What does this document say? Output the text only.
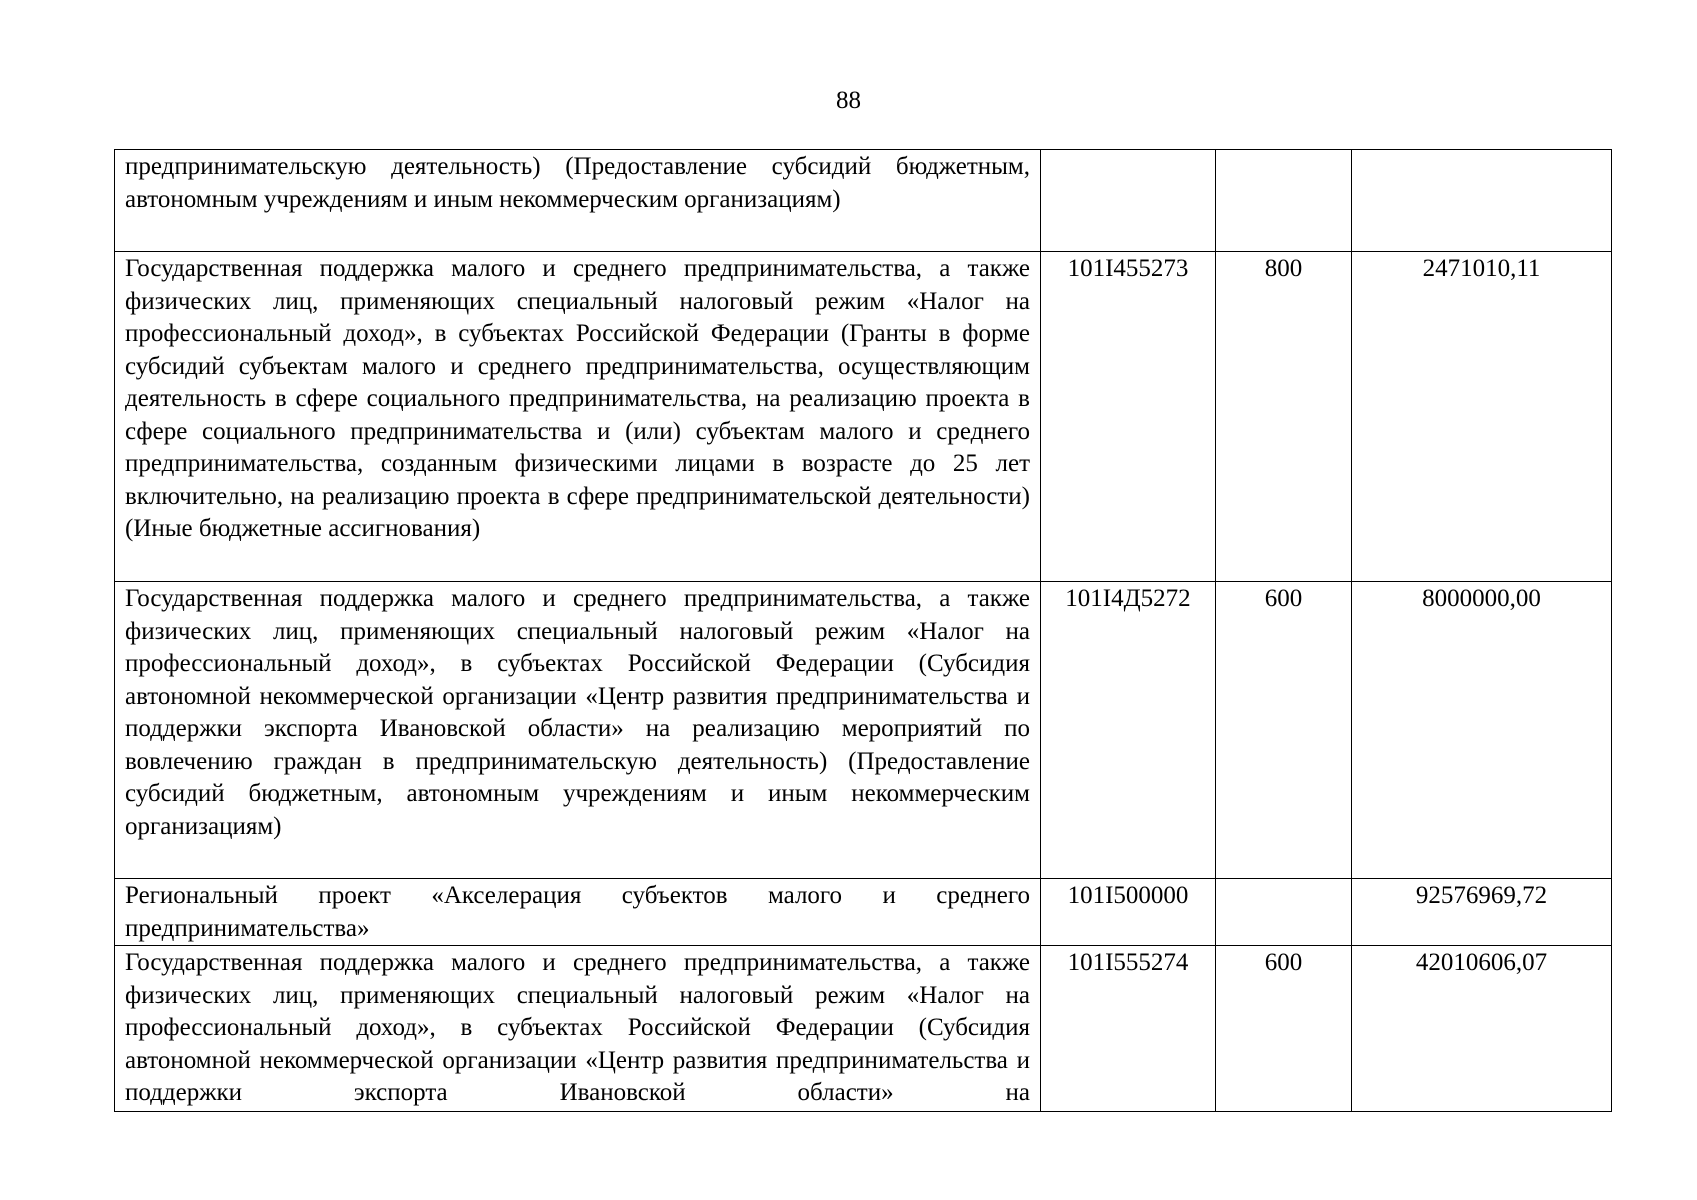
88
предпринимательскую деятельность) (Предоставление субсидий бюджетным, автономным учреждениям и иным некоммерческим организациям)			
Государственная поддержка малого и среднего предпринимательства, а также физических лиц, применяющих специальный налоговый режим «Налог на профессиональный доход», в субъектах Российской Федерации (Гранты в форме субсидий субъектам малого и среднего предпринимательства, осуществляющим деятельность в сфере социального предпринимательства, на реализацию проекта в сфере социального предпринимательства и (или) субъектам малого и среднего предпринимательства, созданным физическими лицами в возрасте до 25 лет включительно, на реализацию проекта в сфере предпринимательской деятельности) (Иные бюджетные ассигнования)	101I455273	800	2471010,11
Государственная поддержка малого и среднего предпринимательства, а также физических лиц, применяющих специальный налоговый режим «Налог на профессиональный доход», в субъектах Российской Федерации (Субсидия автономной некоммерческой организации «Центр развития предпринимательства и поддержки экспорта Ивановской области» на реализацию мероприятий по вовлечению граждан в предпринимательскую деятельность) (Предоставление субсидий бюджетным, автономным учреждениям и иным некоммерческим организациям)	101I4Д5272	600	8000000,00
Региональный проект «Акселерация субъектов малого и среднего предпринимательства»	101I500000		92576969,72
Государственная поддержка малого и среднего предпринимательства, а также физических лиц, применяющих специальный налоговый режим «Налог на профессиональный доход», в субъектах Российской Федерации (Субсидия автономной некоммерческой организации «Центр развития предпринимательства и поддержки экспорта Ивановской области» на	101I555274	600	42010606,07
